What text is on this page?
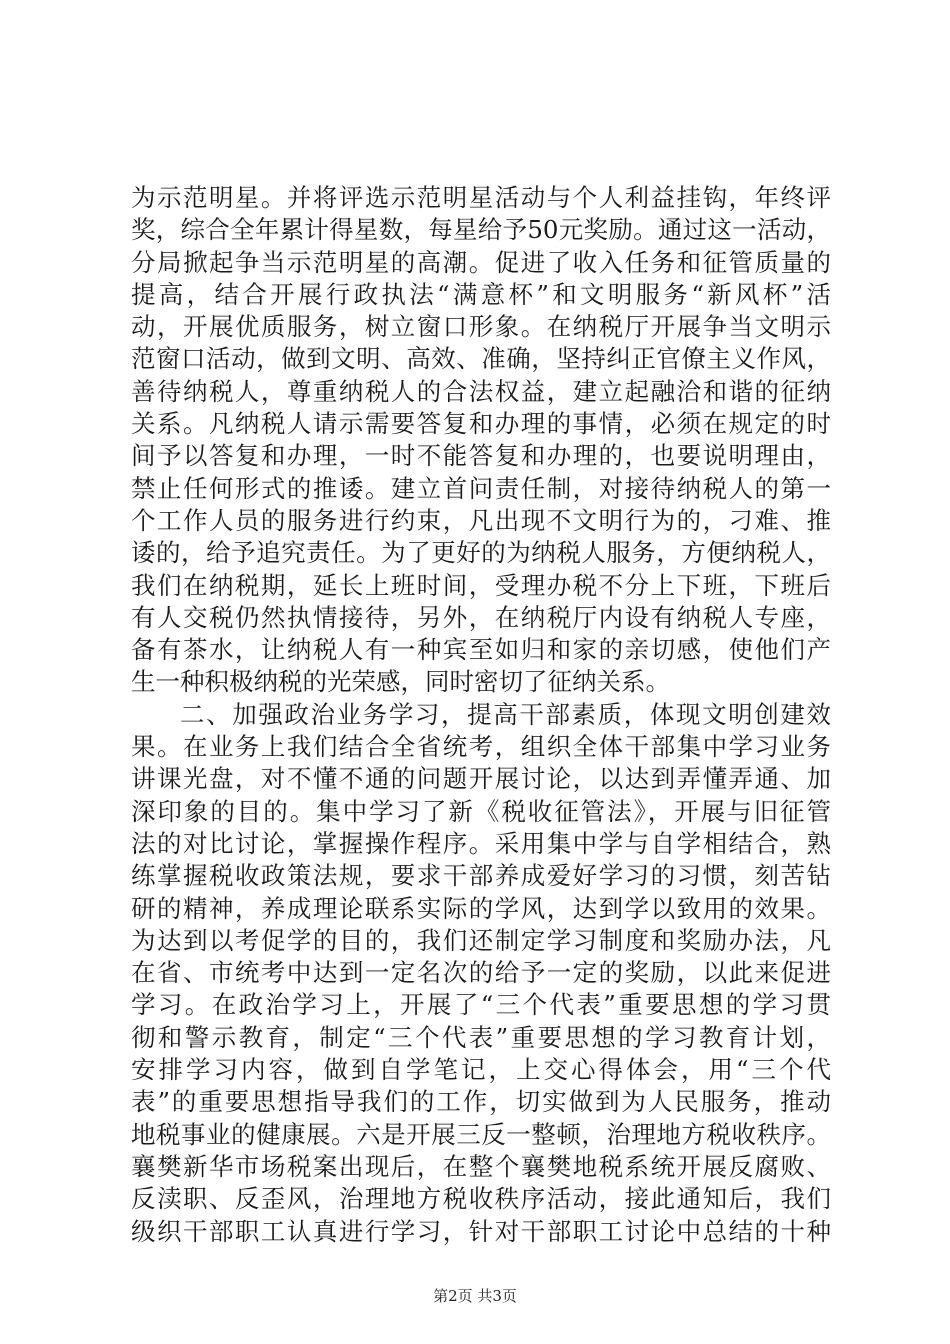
为示范明星。并将评选示范明星活动与个人利益挂钩，年终评
奖，综合全年累计得星数，每星给予50元奖励。通过这一活动，
分局掀起争当示范明星的高潮。促进了收入任务和征管质量的
提高，结合开展行政执法“满意杯”和文明服务“新风杯”活
动，开展优质服务，树立窗口形象。在纳税厅开展争当文明示
范窗口活动，做到文明、高效、准确，坚持纠正官僚主义作风，
善待纳税人，尊重纳税人的合法权益，建立起融洽和谐的征纳
关系。凡纳税人请示需要答复和办理的事情，必须在规定的时
间予以答复和办理，一时不能答复和办理的，也要说明理由，
禁止任何形式的推诿。建立首问责任制，对接待纳税人的第一
个工作人员的服务进行约束，凡出现不文明行为的，刁难、推
诿的，给予追究责任。为了更好的为纳税人服务，方便纳税人，
我们在纳税期，延长上班时间，受理办税不分上下班，下班后
有人交税仍然执情接待，另外，在纳税厅内设有纳税人专座，
备有茶水，让纳税人有一种宾至如归和家的亲切感，使他们产
生一种积极纳税的光荣感，同时密切了征纳关系。
二、加强政治业务学习，提高干部素质，体现文明创建效
果。在业务上我们结合全省统考，组织全体干部集中学习业务
讲课光盘，对不懂不通的问题开展讨论，以达到弄懂弄通、加
深印象的目的。集中学习了新《税收征管法》，开展与旧征管
法的对比讨论，掌握操作程序。采用集中学与自学相结合，熟
练掌握税收政策法规，要求干部养成爱好学习的习惯，刻苦钻
研的精神，养成理论联系实际的学风，达到学以致用的效果。
为达到以考促学的目的，我们还制定学习制度和奖励办法，凡
在省、市统考中达到一定名次的给予一定的奖励，以此来促进
学习。在政治学习上，开展了“三个代表”重要思想的学习贯
彻和警示教育，制定“三个代表”重要思想的学习教育计划，
安排学习内容，做到自学笔记，上交心得体会，用“三个代
表”的重要思想指导我们的工作，切实做到为人民服务，推动
地税事业的健康展。六是开展三反一整顿，治理地方税收秩序。
襄樊新华市场税案出现后，在整个襄樊地税系统开展反腐败、
反渎职、反歪风，治理地方税收秩序活动，接此通知后，我们
级织干部职工认真进行学习，针对干部职工讨论中总结的十种
第2页 共3页
